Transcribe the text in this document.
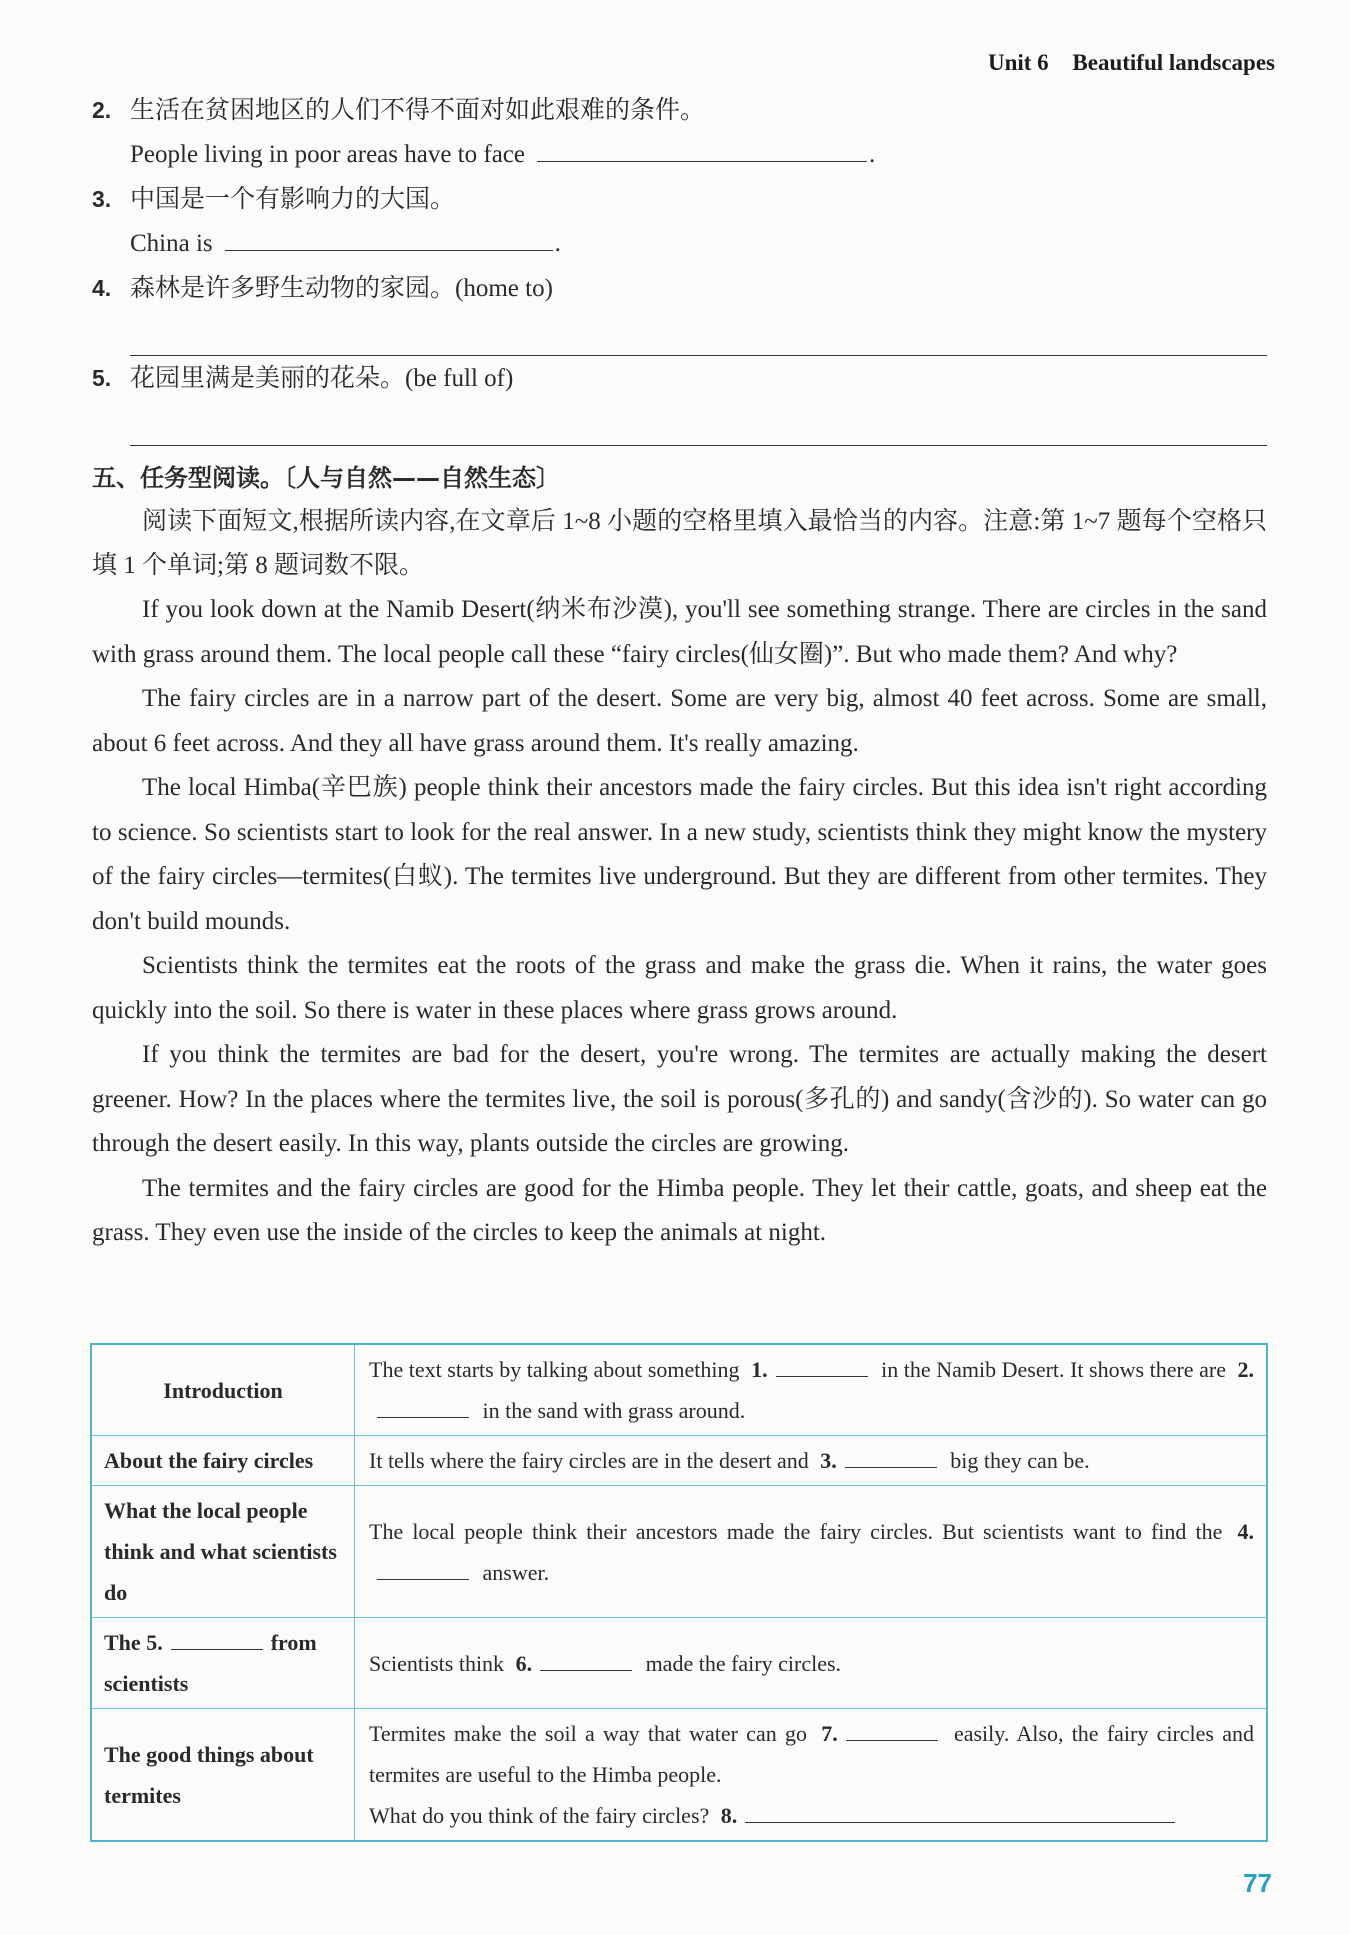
Unit 6 Beautiful landscapes
2. 生活在贫困地区的人们不得不面对如此艰难的条件。
People living in poor areas have to face	.
3. 中国是一个有影响力的大国。
China is	.
4. 森林是许多野生动物的家园。(home to)
5. 花园里满是美丽的花朵。(be full of)
五、任务型阅读。〔人与自然——自然生态〕

阅读下面短文,根据所读内容,在文章后 1~8 小题的空格里填入最恰当的内容。注意:第 1~7 题每个空格只填 1 个单词;第 8 题词数不限。

If you look down at the Namib Desert(纳米布沙漠), you'll see something strange. There are circles in the sand with grass around them. The local people call these “fairy circles(仙女圈)”. But who made them? And why?

The fairy circles are in a narrow part of the desert. Some are very big, almost 40 feet across. Some are small, about 6 feet across. And they all have grass around them. It's really amazing.

The local Himba(辛巴族) people think their ancestors made the fairy circles. But this idea isn't right according to science. So scientists start to look for the real answer. In a new study, scientists think they might know the mystery of the fairy circles—termites(白蚁). The termites live underground. But they are different from other termites. They don't build mounds.

Scientists think the termites eat the roots of the grass and make the grass die. When it rains, the water goes quickly into the soil. So there is water in these places where grass grows around.

If you think the termites are bad for the desert, you're wrong. The termites are actually making the desert greener. How? In the places where the termites live, the soil is porous(多孔的) and sandy(含沙的). So water can go through the desert easily. In this way, plants outside the circles are growing.

The termites and the fairy circles are good for the Himba people. They let their cattle, goats, and sheep eat the grass. They even use the inside of the circles to keep the animals at night.

Introduction	The text starts by talking about something 1. in the Namib Desert. It shows there are 2. in the sand with grass around.
About the fairy circles	It tells where the fairy circles are in the desert and 3. big they can be.
What the local people think and what scientists do	The local people think their ancestors made the fairy circles. But scientists want to find the 4. answer.
The 5. from scientists	Scientists think 6. made the fairy circles.
The good things about termites	Termites make the soil a way that water can go 7. easily. Also, the fairy circles and termites are useful to the Himba people.
What do you think of the fairy circles? 8.
77
